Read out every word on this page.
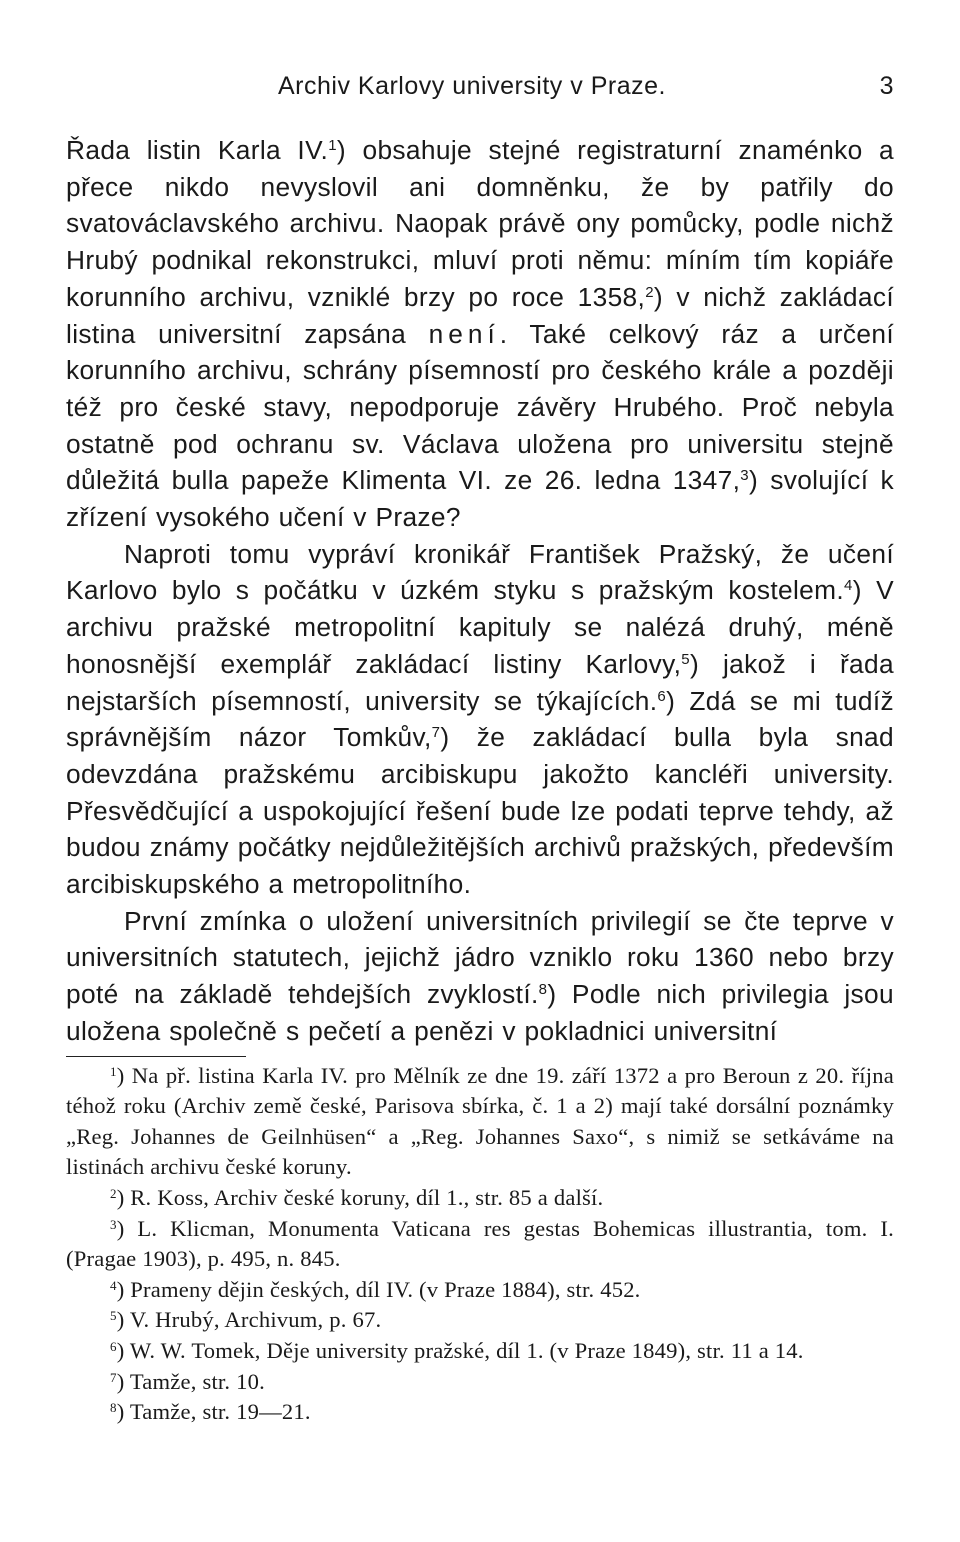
Archiv Karlovy university v Praze.	3

Řada listin Karla IV.$^1$) obsahuje stejné registraturní znaménko a přece nikdo nevyslovil ani domněnku, že by patřily do svatováclavského archivu. Naopak právě ony pomůcky, podle nichž Hrubý podnikal rekonstrukci, mluví proti němu: míním tím kopiáře korunního archivu, vzniklé brzy po roce 1358,$^2$) v nichž zakládací listina universitní zapsána není. Také celkový ráz a určení korunního archivu, schrány písemností pro českého krále a později též pro české stavy, nepodporuje závěry Hrubého. Proč nebyla ostatně pod ochranu sv. Václava uložena pro universitu stejně důležitá bulla papeže Klimenta VI. ze 26. ledna 1347,$^3$) svolující k zřízení vysokého učení v Praze?

Naproti tomu vypráví kronikář František Pražský, že učení Karlovo bylo s počátku v úzkém styku s pražským kostelem.$^4$) V archivu pražské metropolitní kapituly se nalézá druhý, méně honosnější exemplář zakládací listiny Karlovy,$^5$) jakož i řada nejstarších písemností, university se týkajících.$^6$) Zdá se mi tudíž správnějším názor Tomkův,$^7$) že zakládací bulla byla snad odevzdána pražskému arcibiskupu jakožto kancléři university. Přesvědčující a uspokojující řešení bude lze podati teprve tehdy, až budou známy počátky nejdůležitějších archivů pražských, především arcibiskupského a metropolitního.

První zmínka o uložení universitních privilegií se čte teprve v universitních statutech, jejichž jádro vzniklo roku 1360 nebo brzy poté na základě tehdejších zvyklostí.$^8$) Podle nich privilegia jsou uložena společně s pečetí a penězi v pokladnici universitní

$^1$) Na př. listina Karla IV. pro Mělník ze dne 19. září 1372 a pro Beroun z 20. října téhož roku (Archiv země české, Parisova sbírka, č. 1 a 2) mají také dorsální poznámky „Reg. Johannes de Geilnhüsen“ a „Reg. Johannes Saxo“, s nimiž se setkáváme na listinách archivu české koruny.
$^2$) R. Koss, Archiv české koruny, díl 1., str. 85 a další.
$^3$) L. Klicman, Monumenta Vaticana res gestas Bohemicas illustrantia, tom. I. (Pragae 1903), p. 495, n. 845.
$^4$) Prameny dějin českých, díl IV. (v Praze 1884), str. 452.
$^5$) V. Hrubý, Archivum, p. 67.
$^6$) W. W. Tomek, Děje university pražské, díl 1. (v Praze 1849), str. 11 a 14.
$^7$) Tamže, str. 10.
$^8$) Tamže, str. 19—21.
